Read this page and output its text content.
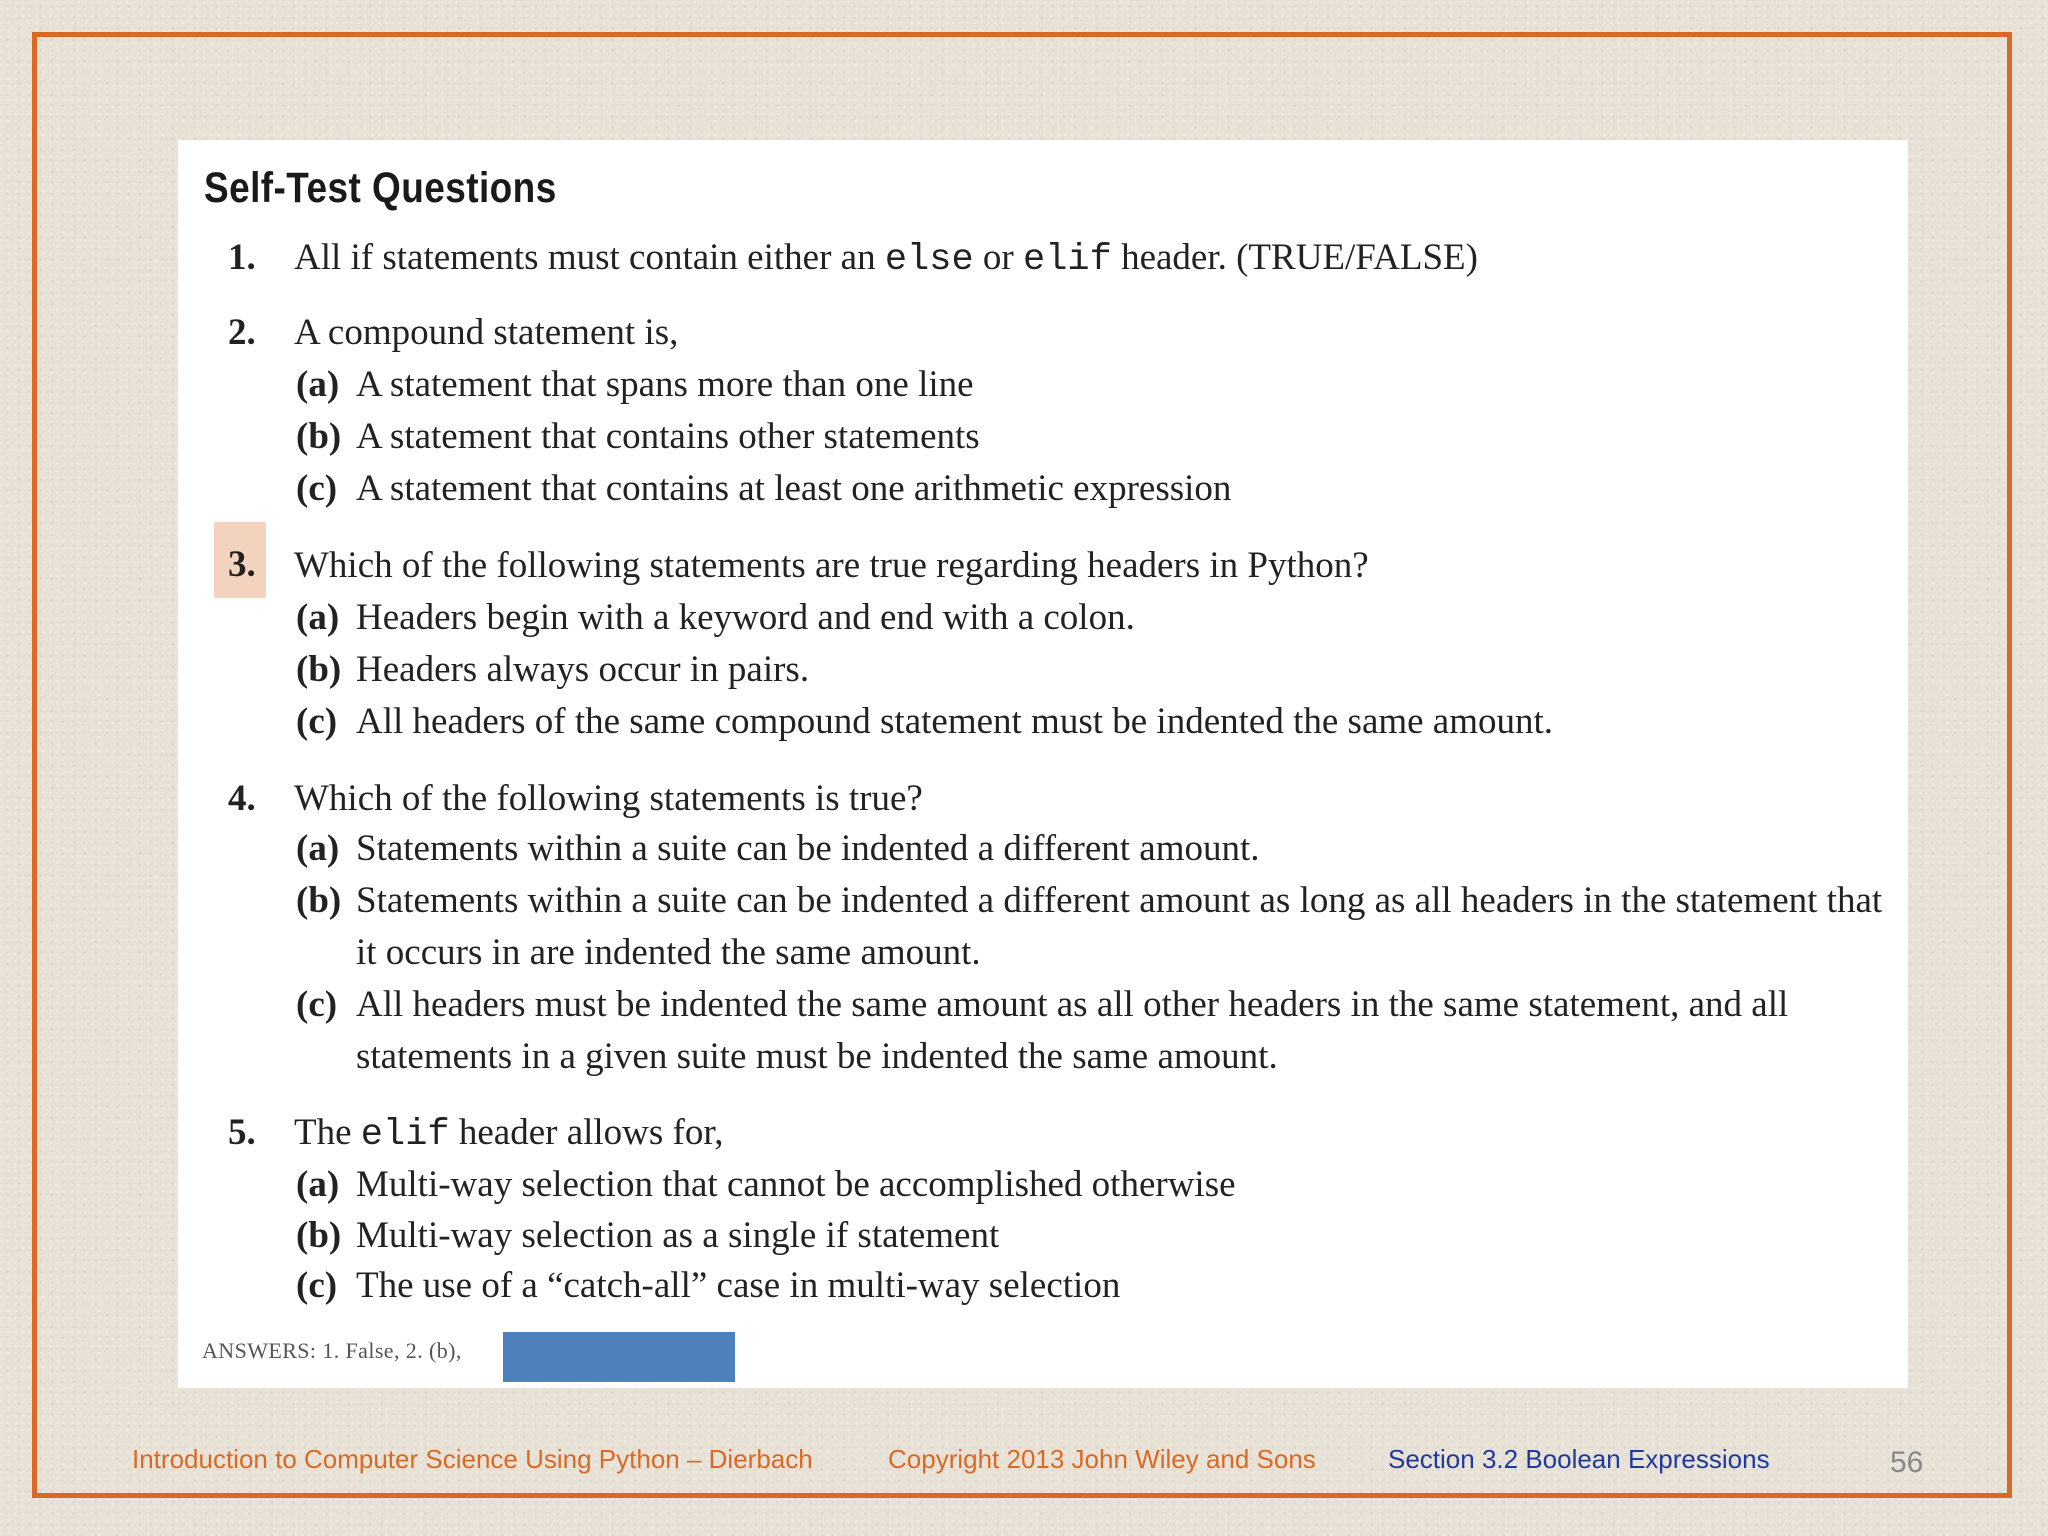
Self-Test Questions
1. All if statements must contain either an else or elif header. (TRUE/FALSE)
2. A compound statement is,
(a) A statement that spans more than one line
(b) A statement that contains other statements
(c) A statement that contains at least one arithmetic expression
3. Which of the following statements are true regarding headers in Python?
(a) Headers begin with a keyword and end with a colon.
(b) Headers always occur in pairs.
(c) All headers of the same compound statement must be indented the same amount.
4. Which of the following statements is true?
(a) Statements within a suite can be indented a different amount.
(b) Statements within a suite can be indented a different amount as long as all headers in the statement that it occurs in are indented the same amount.
(c) All headers must be indented the same amount as all other headers in the same statement, and all statements in a given suite must be indented the same amount.
5. The elif header allows for,
(a) Multi-way selection that cannot be accomplished otherwise
(b) Multi-way selection as a single if statement
(c) The use of a “catch-all” case in multi-way selection
ANSWERS: 1. False, 2. (b),
Introduction to Computer Science Using Python – Dierbach	Copyright 2013 John Wiley and Sons	Section 3.2 Boolean Expressions	56
